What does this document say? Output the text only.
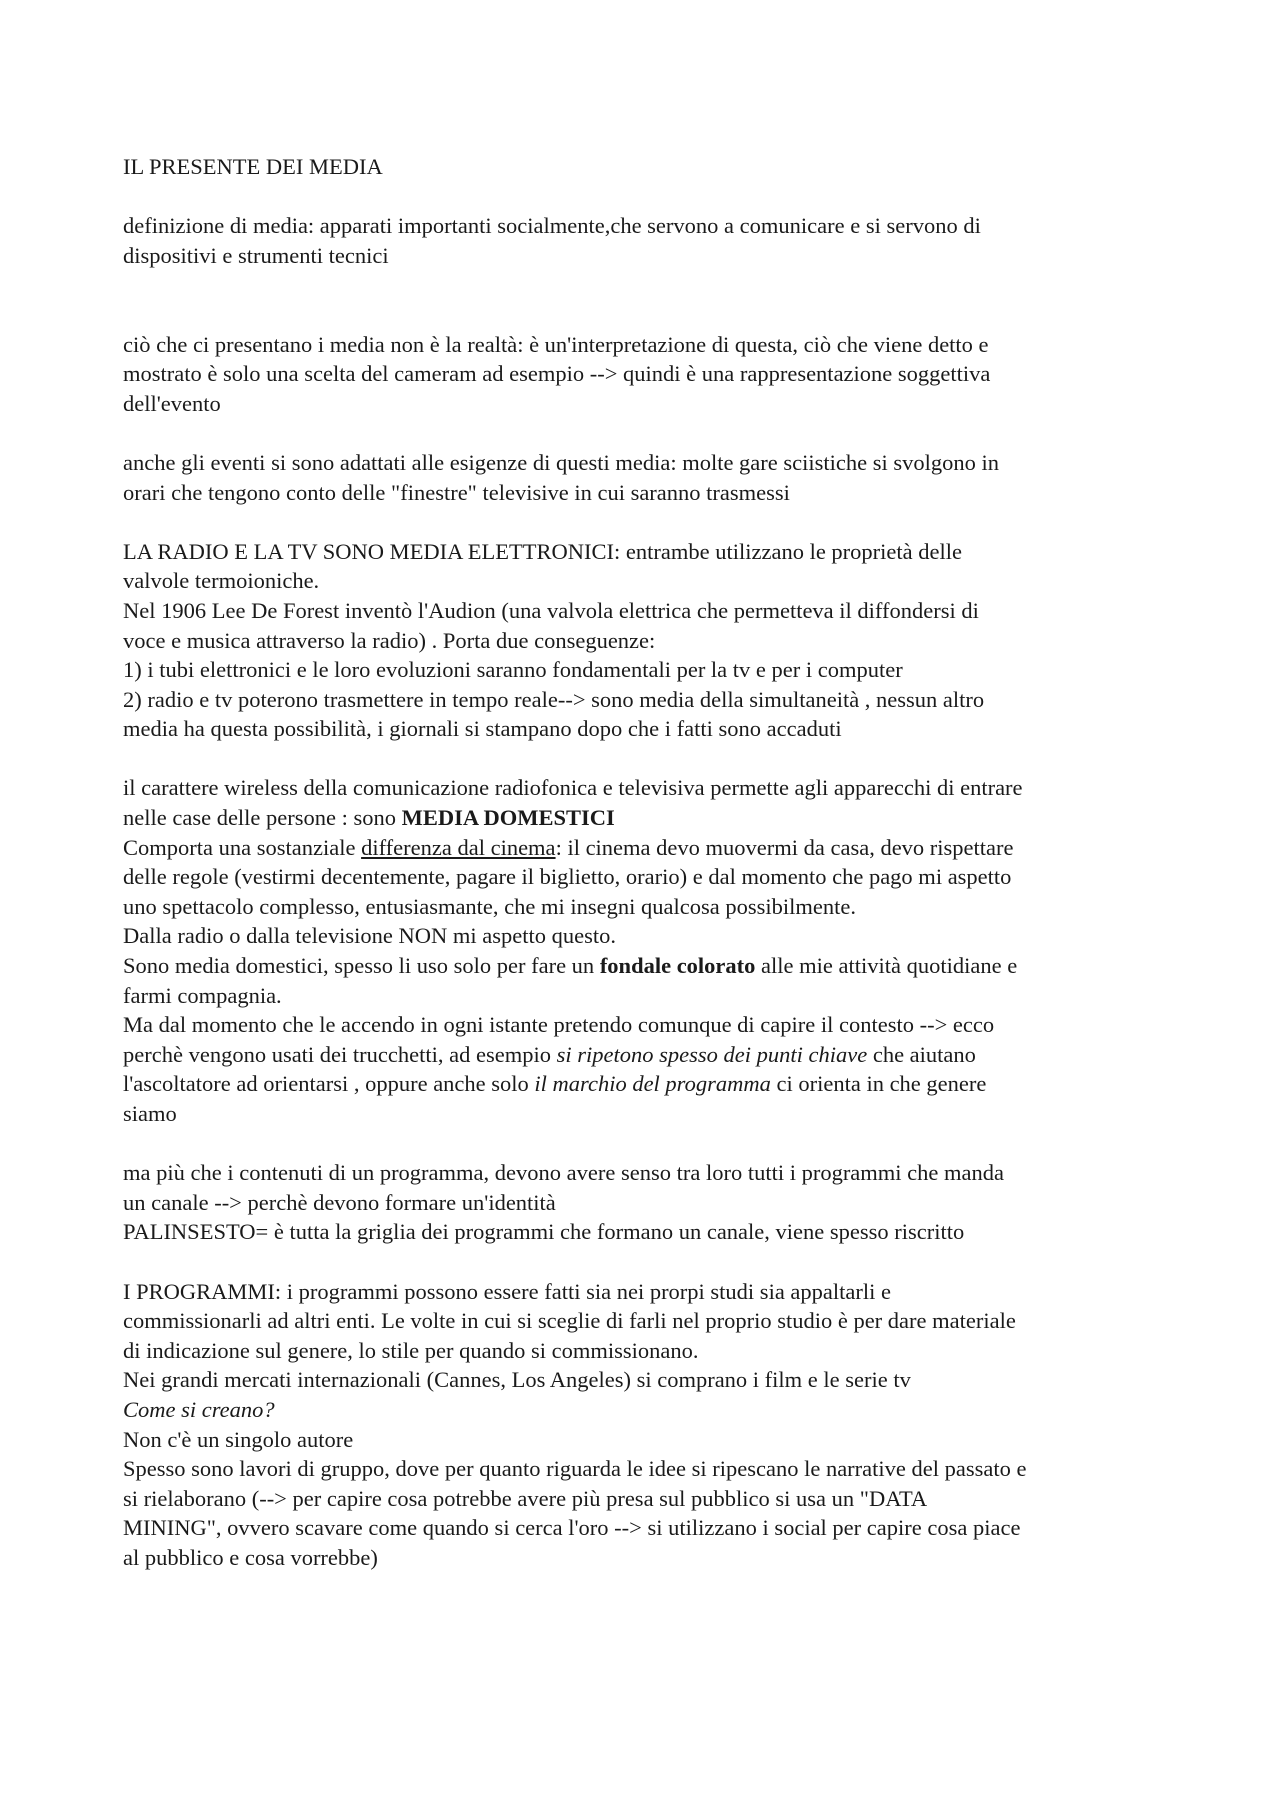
IL PRESENTE DEI MEDIA
definizione di media: apparati importanti socialmente,che servono a comunicare e si servono di
dispositivi e strumenti tecnici
ciò che ci presentano i media non è la realtà: è un'interpretazione di questa, ciò che viene detto e
mostrato è solo una scelta del cameram ad esempio --> quindi è una rappresentazione soggettiva
dell'evento
anche gli eventi si sono adattati alle esigenze di questi media: molte gare sciistiche si svolgono in
orari che tengono conto delle "finestre" televisive in cui saranno trasmessi
LA RADIO E LA TV SONO MEDIA ELETTRONICI: entrambe utilizzano le proprietà delle
valvole termoioniche.
Nel 1906 Lee De Forest inventò l'Audion (una valvola elettrica che permetteva il diffondersi di
voce e musica attraverso la radio) . Porta due conseguenze:
1) i tubi elettronici e le loro evoluzioni saranno fondamentali per la tv e per i computer
2) radio e tv poterono trasmettere in tempo reale--> sono media della simultaneità , nessun altro
media ha questa possibilità, i giornali si stampano dopo che i fatti sono accaduti
il carattere wireless della comunicazione radiofonica e televisiva permette agli apparecchi di entrare
nelle case delle persone : sono MEDIA DOMESTICI
Comporta una sostanziale differenza dal cinema: il cinema devo muovermi da casa, devo rispettare
delle regole (vestirmi decentemente, pagare il biglietto, orario) e dal momento che pago mi aspetto
uno spettacolo complesso, entusiasmante, che mi insegni qualcosa possibilmente.
Dalla radio o dalla televisione NON mi aspetto questo.
Sono media domestici, spesso li uso solo per fare un fondale colorato alle mie attività quotidiane e
farmi compagnia.
Ma dal momento che le accendo in ogni istante pretendo comunque di capire il contesto --> ecco
perchè vengono usati dei trucchetti, ad esempio si ripetono spesso dei punti chiave che aiutano
l'ascoltatore ad orientarsi , oppure anche solo il marchio del programma ci orienta in che genere
siamo
ma più che i contenuti di un programma, devono avere senso tra loro tutti i programmi che manda
un canale --> perchè devono formare un'identità
PALINSESTO= è tutta la griglia dei programmi che formano un canale, viene spesso riscritto
I PROGRAMMI: i programmi possono essere fatti sia nei prorpi studi sia appaltarli e
commissionarli ad altri enti. Le volte in cui si sceglie di farli nel proprio studio è per dare materiale
di indicazione sul genere, lo stile per quando si commissionano.
Nei grandi mercati internazionali (Cannes, Los Angeles) si comprano i film e le serie tv
Come si creano?
Non c'è un singolo autore
Spesso sono lavori di gruppo, dove per quanto riguarda le idee si ripescano le narrative del passato e
si rielaborano (--> per capire cosa potrebbe avere più presa sul pubblico si usa un "DATA
MINING", ovvero scavare come quando si cerca l'oro --> si utilizzano i social per capire cosa piace
al pubblico e cosa vorrebbe)
